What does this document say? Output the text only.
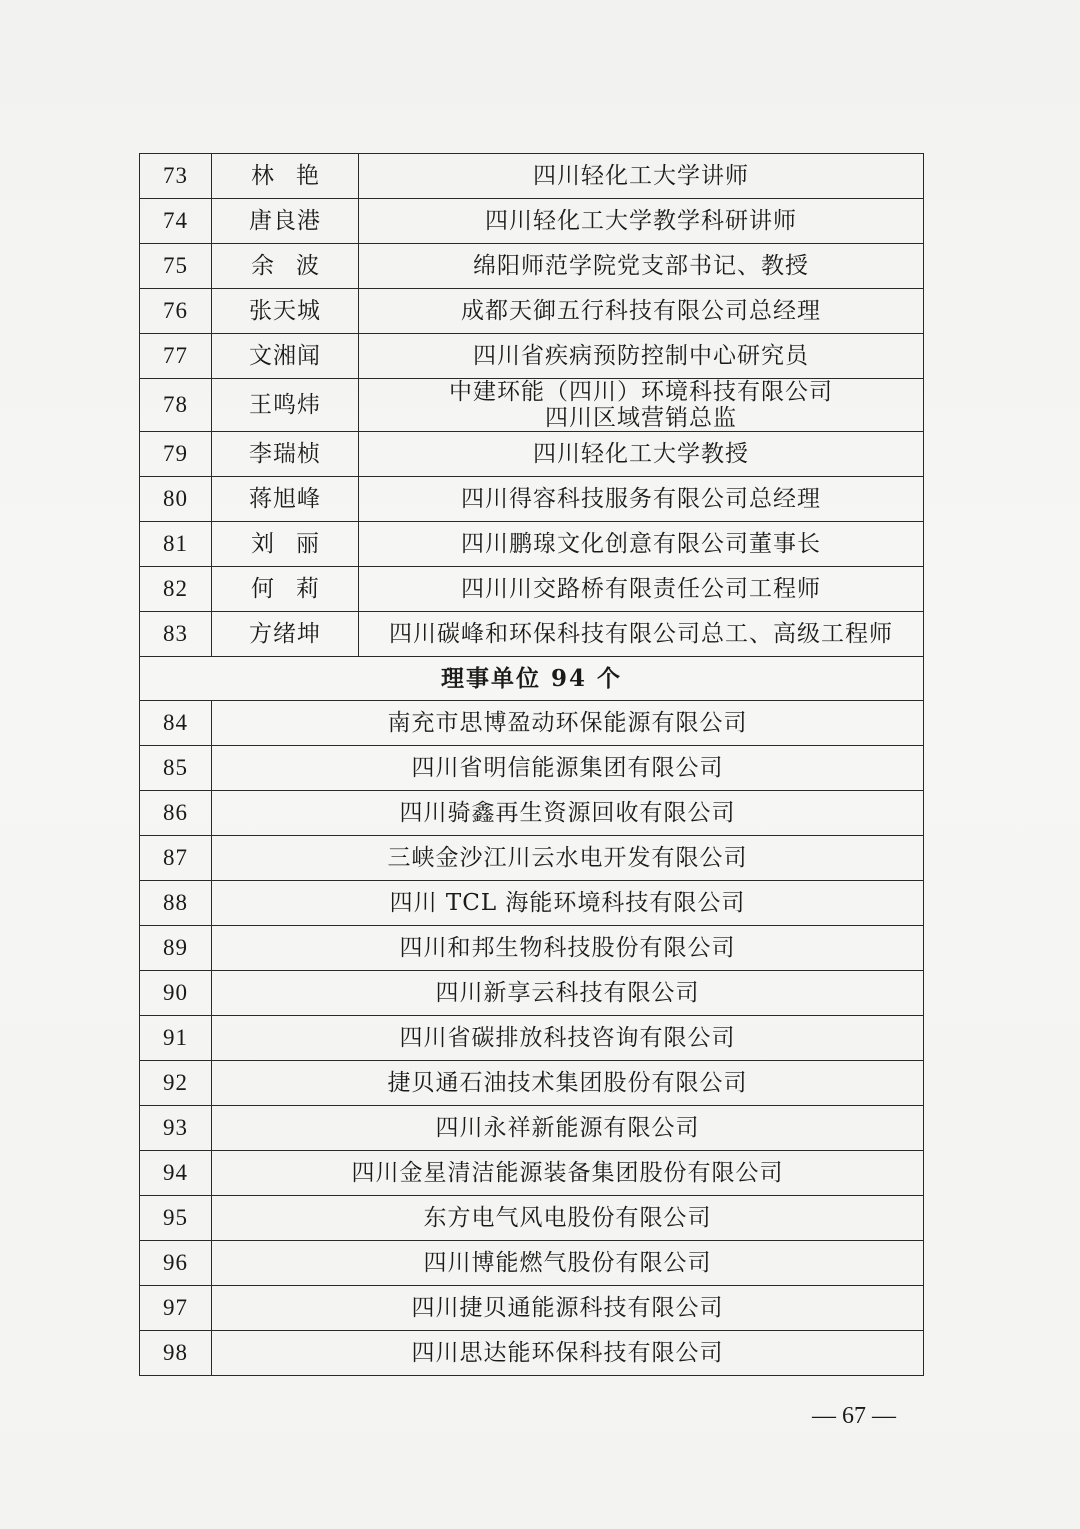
73	林艳	四川轻化工大学讲师

74	唐良港	四川轻化工大学教学科研讲师

75	余波	绵阳师范学院党支部书记、教授

76	张天城	成都天御五行科技有限公司总经理

77	文湘闻	四川省疾病预防控制中心研究员

78	王鸣炜	中建环能（四川）环境科技有限公司
四川区域营销总监

79	李瑞桢	四川轻化工大学教授

80	蒋旭峰	四川得容科技服务有限公司总经理

81	刘丽	四川鹏瑔文化创意有限公司董事长

82	何莉	四川川交路桥有限责任公司工程师

83	方绪坤	四川碳峰和环保科技有限公司总工、高级工程师

理事单位 94 个		
84	南充市思博盈动环保能源有限公司	
85	四川省明信能源集团有限公司	
86	四川骑鑫再生资源回收有限公司	
87	三峡金沙江川云水电开发有限公司	
88	四川 TCL 海能环境科技有限公司	
89	四川和邦生物科技股份有限公司	
90	四川新享云科技有限公司	
91	四川省碳排放科技咨询有限公司	
92	捷贝通石油技术集团股份有限公司	
93	四川永祥新能源有限公司	
94	四川金星清洁能源装备集团股份有限公司	
95	东方电气风电股份有限公司	
96	四川博能燃气股份有限公司	
97	四川捷贝通能源科技有限公司	
98	四川思达能环保科技有限公司	
— 67 —
